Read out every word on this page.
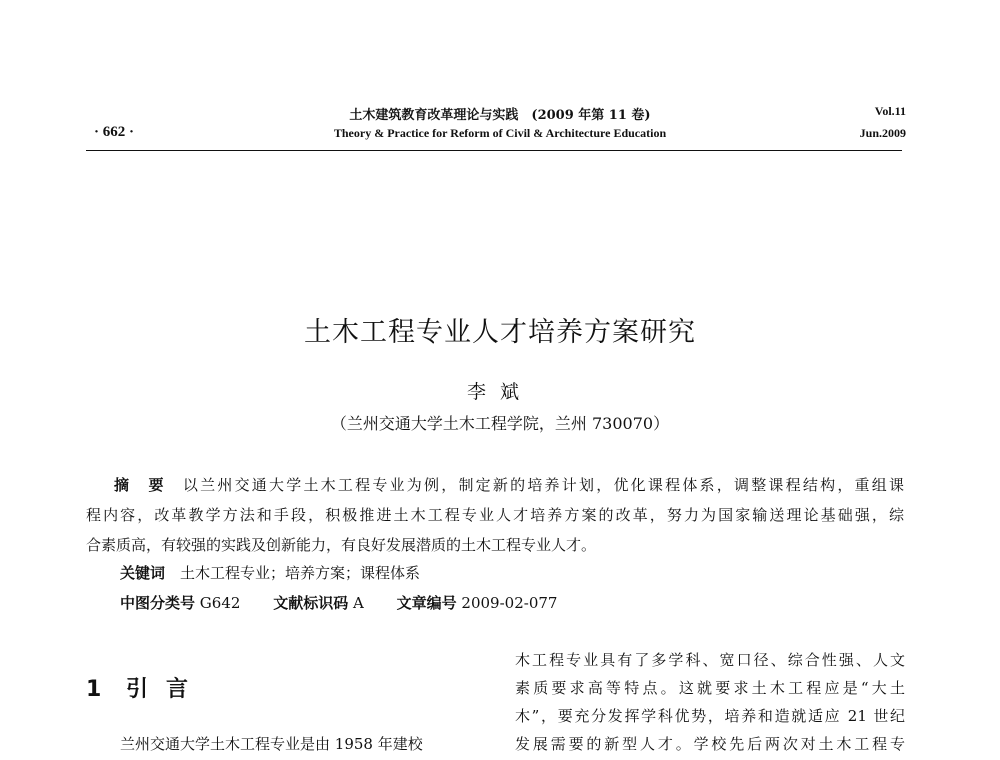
土木建筑教育改革理论与实践　(2009 年第 11 卷)
Theory & Practice for Reform of Civil & Architecture Education
· 662 ·
Vol.11
Jun.2009
土木工程专业人才培养方案研究
李斌
（兰州交通大学土木工程学院，兰州 730070）
摘　要　 以兰州交通大学土木工程专业为例，制定新的培养计划，优化课程体系，调整课程结构，重组课
程内容，改革教学方法和手段，积极推进土木工程专业人才培养方案的改革，努力为国家输送理论基础强，综
合素质高，有较强的实践及创新能力，有良好发展潜质的土木工程专业人才。
关键词　 土木工程专业；培养方案；课程体系
中图分类号 G642 文献标识码 A 文章编号 2009-02-077
1 引言
兰州交通大学土木工程专业是由 1958 年建校
木工程专业具有了多学科、宽口径、综合性强、人文
素质要求高等特点。这就要求土木工程应是“大土
木”，要充分发挥学科优势，培养和造就适应 21 世纪
发展需要的新型人才。学校先后两次对土木工程专
